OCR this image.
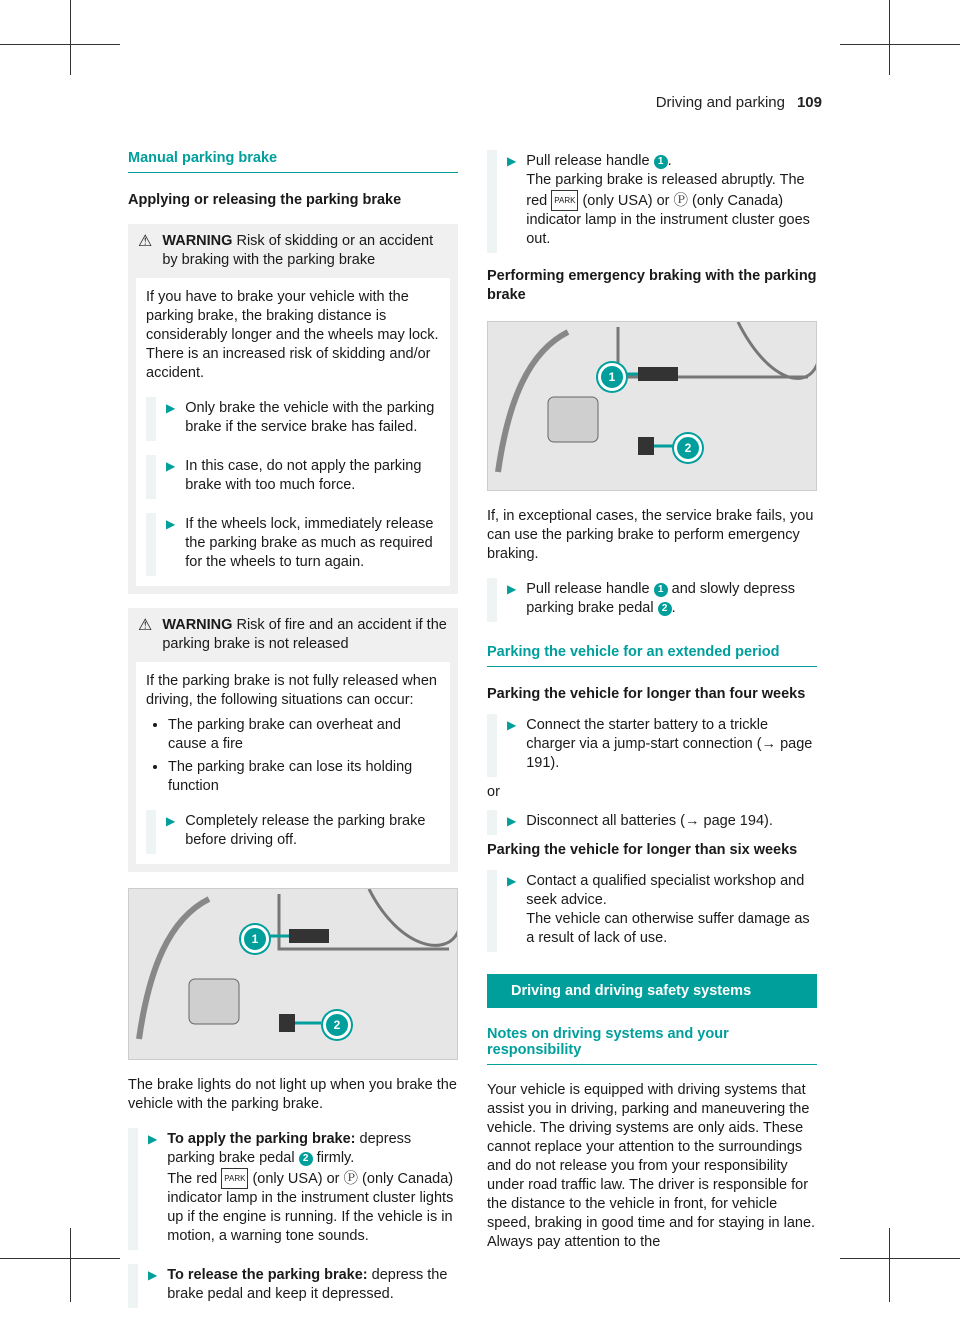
Driving and parking 109
Manual parking brake
Applying or releasing the parking brake
⚠ WARNING Risk of skidding or an accident by braking with the parking brake

If you have to brake your vehicle with the parking brake, the braking distance is considerably longer and the wheels may lock. There is an increased risk of skidding and/or accident.

▶ Only brake the vehicle with the parking brake if the service brake has failed.
▶ In this case, do not apply the parking brake with too much force.
▶ If the wheels lock, immediately release the parking brake as much as required for the wheels to turn again.
⚠ WARNING Risk of fire and an accident if the parking brake is not released

If the parking brake is not fully released when driving, the following situations can occur:

• The parking brake can overheat and cause a fire
• The parking brake can lose its holding function
▶ Completely release the parking brake before driving off.
1
2

The brake lights do not light up when you brake the vehicle with the parking brake.

▶ To apply the parking brake: depress parking brake pedal 2 firmly.
The red PARK (only USA) or Ⓟ (only Canada) indicator lamp in the instrument cluster lights up if the engine is running. If the vehicle is in motion, a warning tone sounds.
▶ To release the parking brake: depress the brake pedal and keep it depressed.
▶ Pull release handle 1 .
The parking brake is released abruptly. The red PARK (only USA) or Ⓟ (only Canada) indicator lamp in the instrument cluster goes out.
Performing emergency braking with the parking brake
1
2

If, in exceptional cases, the service brake fails, you can use the parking brake to perform emergency braking.

▶ Pull release handle 1 and slowly depress parking brake pedal 2 .
Parking the vehicle for an extended period
Parking the vehicle for longer than four weeks
▶ Connect the starter battery to a trickle charger via a jump-start connection (→ page 191).

or

▶ Disconnect all batteries (→ page 194).
Parking the vehicle for longer than six weeks
▶ Contact a qualified specialist workshop and seek advice.
The vehicle can otherwise suffer damage as a result of lack of use.
Driving and driving safety systems
Notes on driving systems and your responsibility

Your vehicle is equipped with driving systems that assist you in driving, parking and maneuvering the vehicle. The driving systems are only aids. These cannot replace your attention to the surroundings and do not release you from your responsibility under road traffic law. The driver is responsible for the distance to the vehicle in front, for vehicle speed, braking in good time and for staying in lane. Always pay attention to the
